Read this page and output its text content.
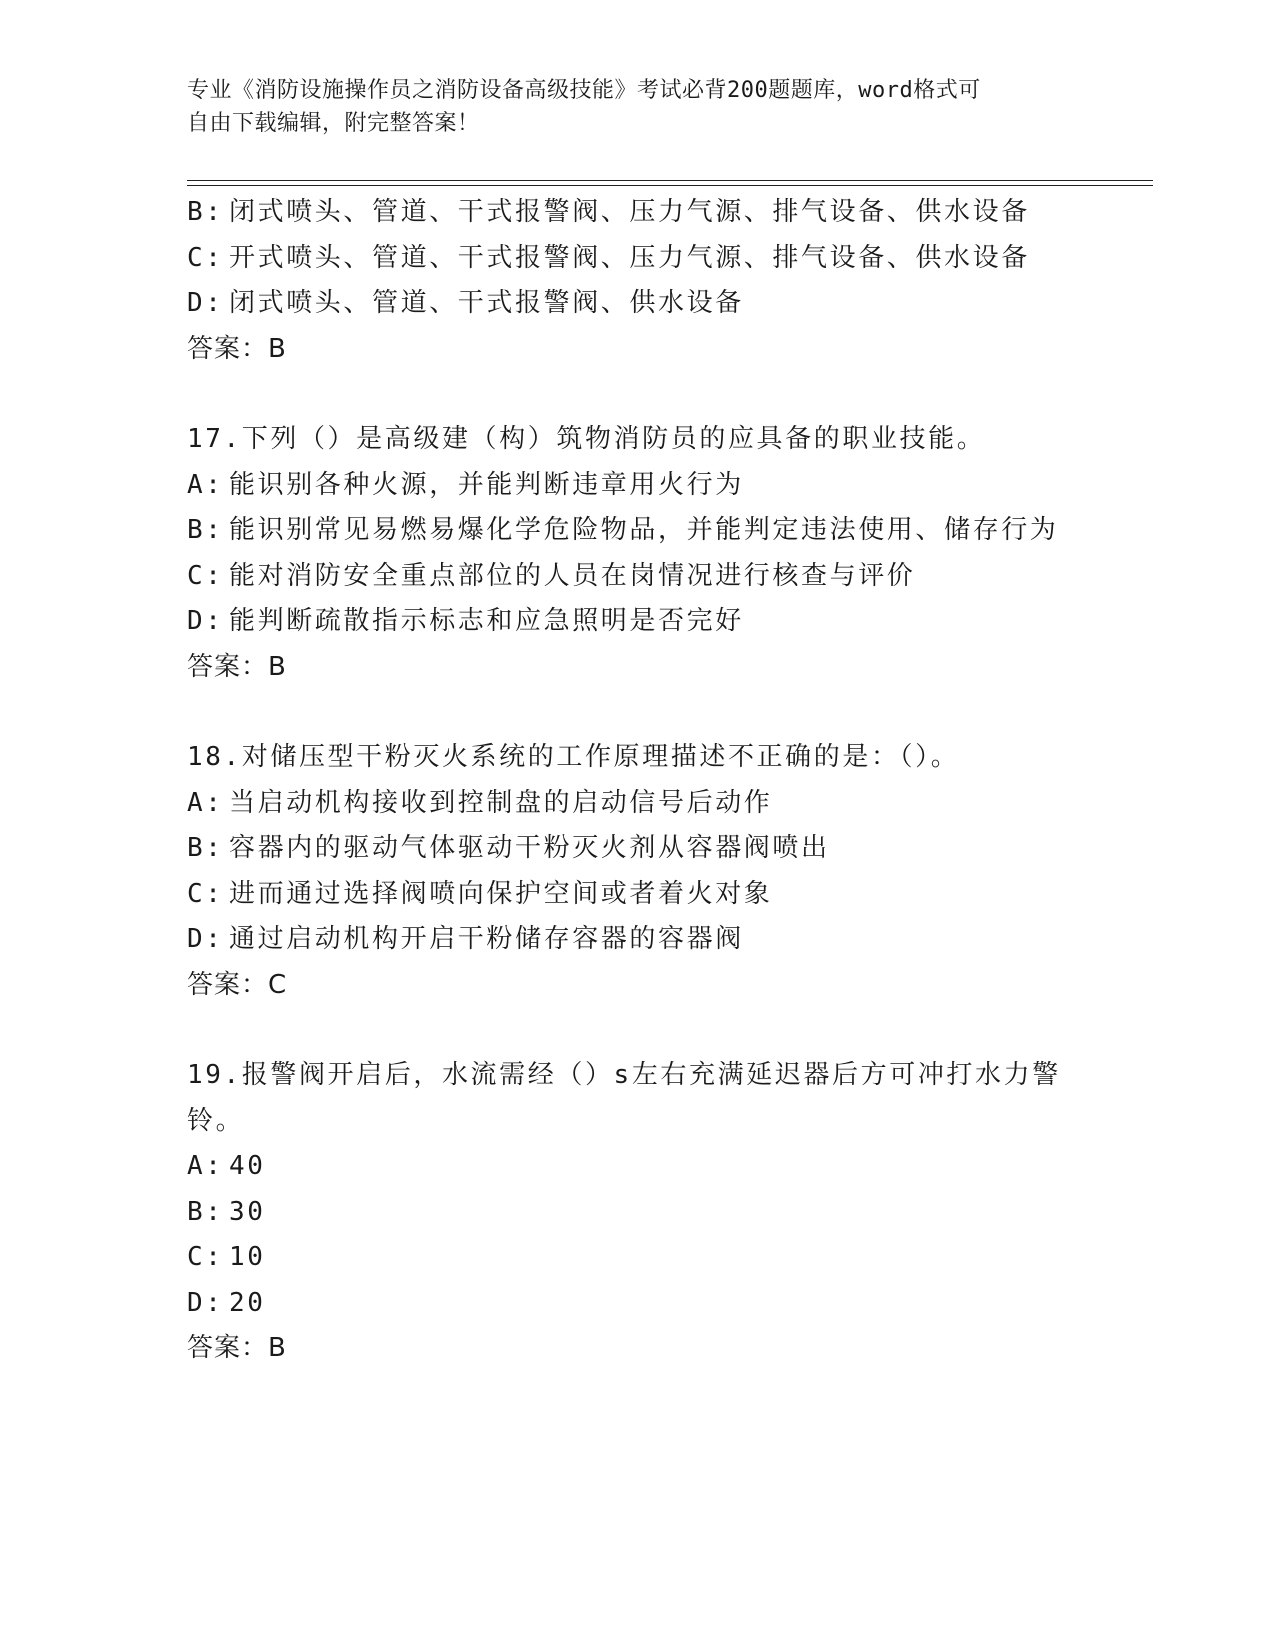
专业《消防设施操作员之消防设备高级技能》考试必背200题题库，word格式可

自由下载编辑，附完整答案！

B: 闭式喷头、管道、干式报警阀、压力气源、排气设备、供水设备

C: 开式喷头、管道、干式报警阀、压力气源、排气设备、供水设备

D: 闭式喷头、管道、干式报警阀、供水设备

答案：B

17.下列（）是高级建（构）筑物消防员的应具备的职业技能。

A: 能识别各种火源，并能判断违章用火行为

B: 能识别常见易燃易爆化学危险物品，并能判定违法使用、储存行为

C: 能对消防安全重点部位的人员在岗情况进行核查与评价

D: 能判断疏散指示标志和应急照明是否完好

答案：B

18.对储压型干粉灭火系统的工作原理描述不正确的是：（）。

A: 当启动机构接收到控制盘的启动信号后动作

B: 容器内的驱动气体驱动干粉灭火剂从容器阀喷出

C: 进而通过选择阀喷向保护空间或者着火对象

D: 通过启动机构开启干粉储存容器的容器阀

答案：C

19.报警阀开启后，水流需经（）s左右充满延迟器后方可冲打水力警

铃。

A: 40

B: 30

C: 10

D: 20

答案：B
